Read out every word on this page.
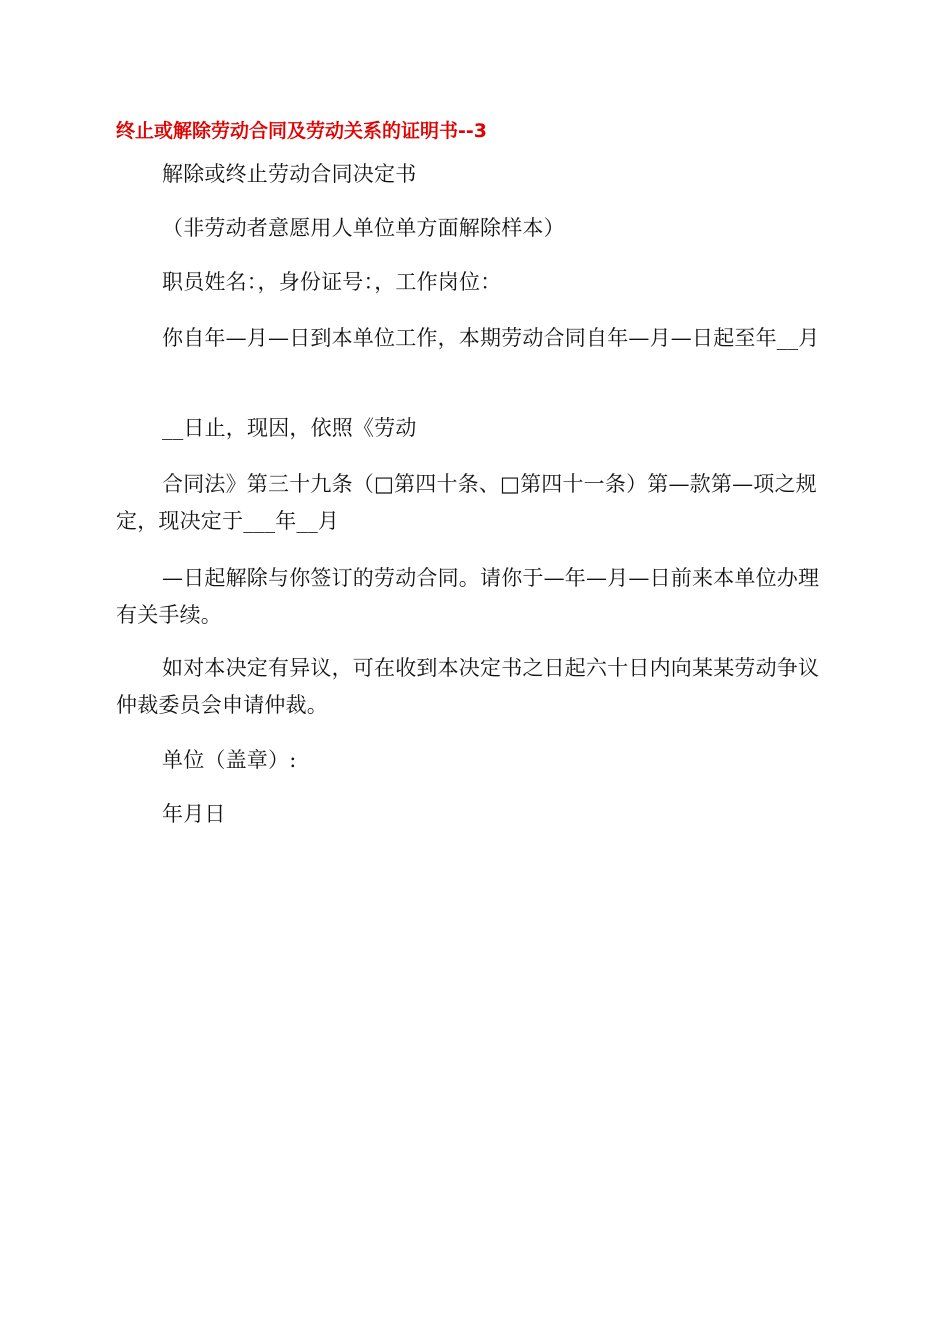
终止或解除劳动合同及劳动关系的证明书--3

解除或终止劳动合同决定书

（非劳动者意愿用人单位单方面解除样本）

职员姓名：，身份证号：，工作岗位：

你自年—月—日到本单位工作，本期劳动合同自年—月—日起至年__月

__日止，现因，依照《劳动

合同法》第三十九条（□第四十条、□第四十一条）第—款第—项之规定，现决定于___年__月

—日起解除与你签订的劳动合同。请你于—年—月—日前来本单位办理有关手续。

如对本决定有异议，可在收到本决定书之日起六十日内向某某劳动争议仲裁委员会申请仲裁。

单位（盖章）:

年月日
